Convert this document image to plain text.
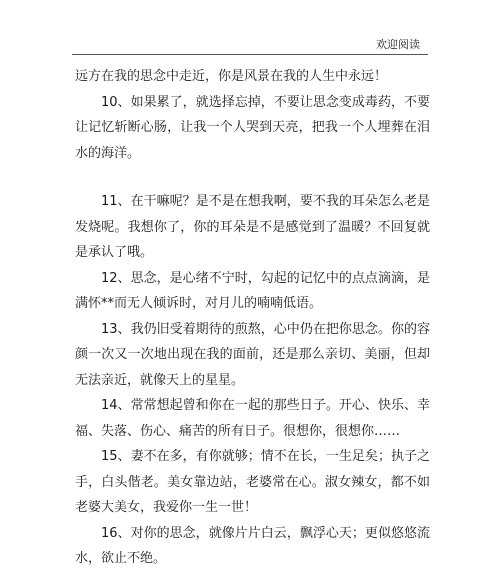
欢迎阅读

远方在我的思念中走近，你是风景在我的人生中永远！

10、如果累了，就选择忘掉，不要让思念变成毒药，不要让记忆斩断心肠，让我一个人哭到天亮，把我一个人埋葬在泪水的海洋。

11、在干嘛呢？是不是在想我啊，要不我的耳朵怎么老是发烧呢。我想你了，你的耳朵是不是感觉到了温暖？不回复就是承认了哦。

12、思念，是心绪不宁时，勾起的记忆中的点点滴滴，是满怀**而无人倾诉时，对月儿的喃喃低语。

13、我仍旧受着期待的煎熬，心中仍在把你思念。你的容颜一次又一次地出现在我的面前，还是那么亲切、美丽，但却无法亲近，就像天上的星星。

14、常常想起曾和你在一起的那些日子。开心、快乐、幸福、失落、伤心、痛苦的所有日子。很想你，很想你……

15、妻不在多，有你就够；情不在长，一生足矣；执子之手，白头偕老。美女靠边站，老婆常在心。淑女辣女，都不如老婆大美女，我爱你一生一世！

16、对你的思念，就像片片白云，飘浮心天；更似悠悠流水，欲止不绝。
